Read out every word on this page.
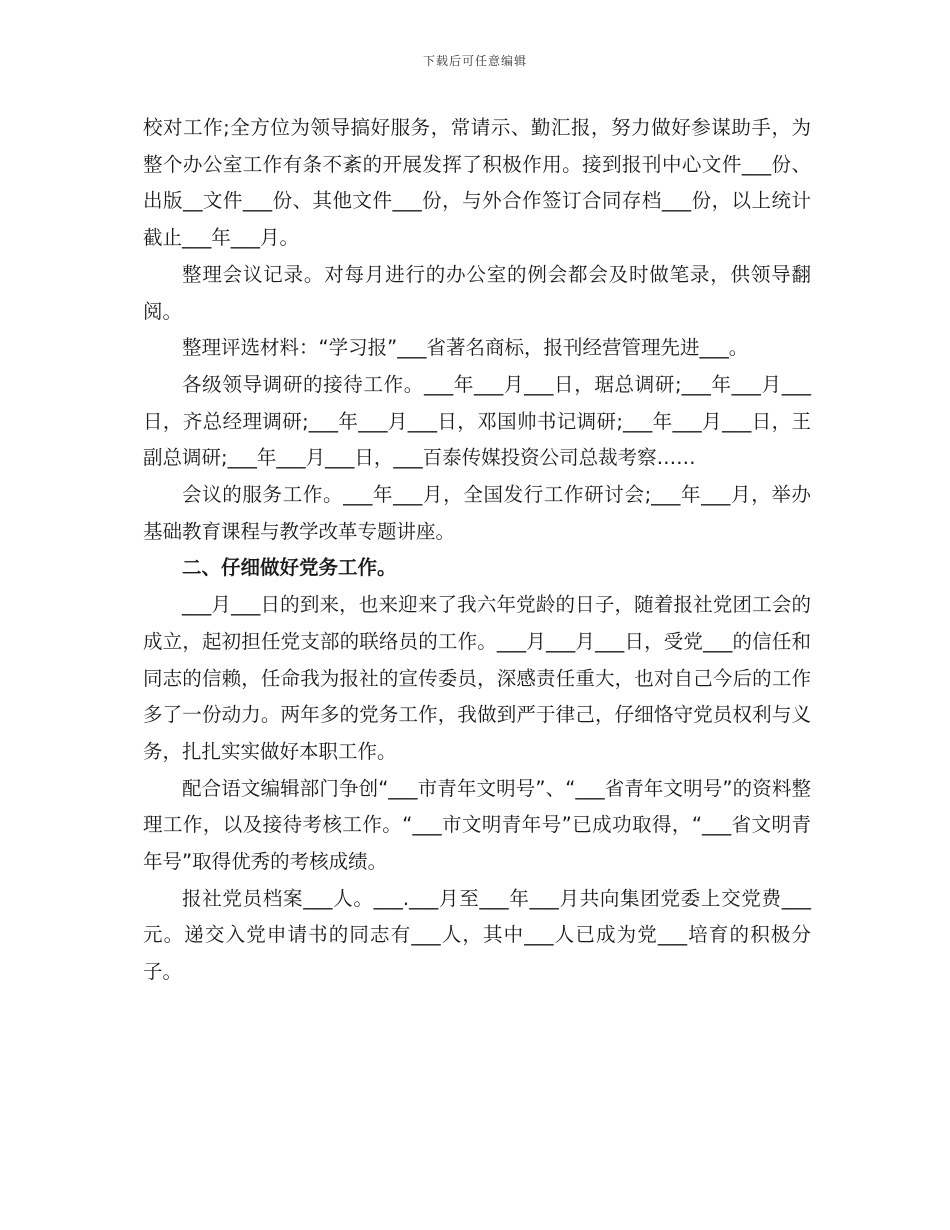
下载后可任意编辑

校对工作;全方位为领导搞好服务，常请示、勤汇报，努力做好参谋助手，为整个办公室工作有条不紊的开展发挥了积极作用。接到报刊中心文件___份、出版__文件___份、其他文件___份，与外合作签订合同存档___份，以上统计截止___年___月。

整理会议记录。对每月进行的办公室的例会都会及时做笔录，供领导翻阅。

整理评选材料：“学习报”___省著名商标，报刊经营管理先进___。

各级领导调研的接待工作。___年___月___日，琚总调研;___年___月___日，齐总经理调研;___年___月___日，邓国帅书记调研;___年___月___日，王副总调研;___年___月___日，___百泰传媒投资公司总裁考察……

会议的服务工作。___年___月，全国发行工作研讨会;___年___月，举办基础教育课程与教学改革专题讲座。

二、仔细做好党务工作。

___月___日的到来，也来迎来了我六年党龄的日子，随着报社党团工会的成立，起初担任党支部的联络员的工作。___月___月___日，受党___的信任和同志的信赖，任命我为报社的宣传委员，深感责任重大，也对自己今后的工作多了一份动力。两年多的党务工作，我做到严于律己，仔细恪守党员权利与义务，扎扎实实做好本职工作。

配合语文编辑部门争创“___市青年文明号”、“___省青年文明号”的资料整理工作，以及接待考核工作。“___市文明青年号”已成功取得，“___省文明青年号”取得优秀的考核成绩。

报社党员档案___人。___.___月至___年___月共向集团党委上交党费___元。递交入党申请书的同志有___人，其中___人已成为党___培育的积极分子。
